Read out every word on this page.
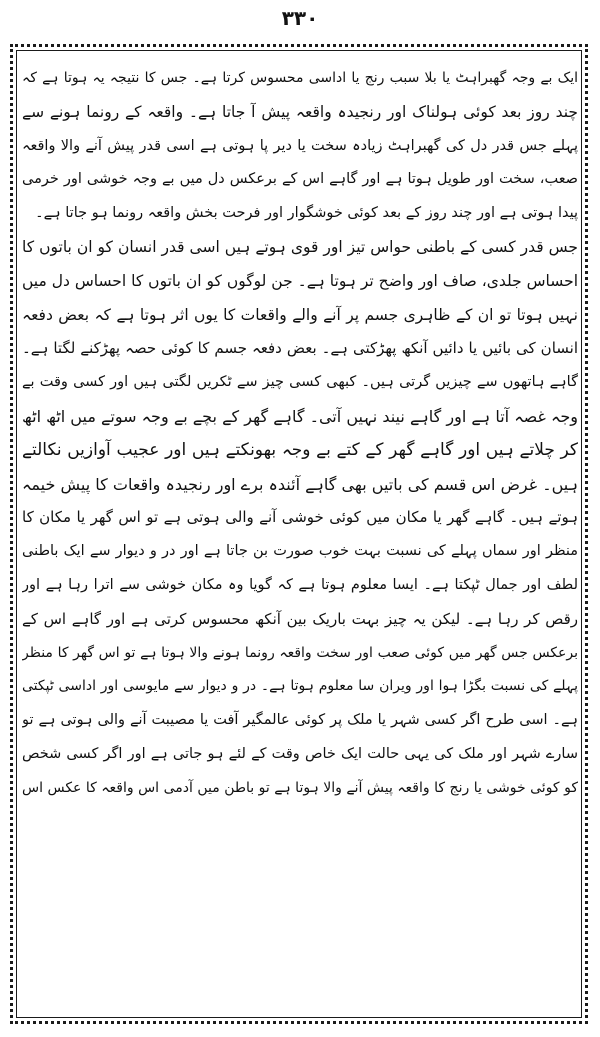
۳۳۰
ایک بے وجہ گھبراہٹ یا بلا سبب رنج یا اداسی محسوس کرتا ہے۔ جس کا نتیجہ یہ ہوتا ہے کہ
چند روز بعد کوئی ہولناک اور رنجیدہ واقعہ پیش آ جاتا ہے۔ واقعہ کے رونما ہونے سے
پہلے جس قدر دل کی گھبراہٹ زیادہ سخت یا دیر پا ہوتی ہے اسی قدر پیش آنے والا واقعہ
صعب، سخت اور طویل ہوتا ہے اور گاہے اس کے برعکس دل میں بے وجہ خوشی اور خرمی
پیدا ہوتی ہے اور چند روز کے بعد کوئی خوشگوار اور فرحت بخش واقعہ رونما ہو جاتا ہے۔
جس قدر کسی کے باطنی حواس تیز اور قوی ہوتے ہیں اسی قدر انسان کو ان باتوں کا
احساس جلدی، صاف اور واضح تر ہوتا ہے۔ جن لوگوں کو ان باتوں کا احساس دل میں
نہیں ہوتا تو ان کے ظاہری جسم پر آنے والے واقعات کا یوں اثر ہوتا ہے کہ بعض دفعہ
انسان کی بائیں یا دائیں آنکھ پھڑکتی ہے۔ بعض دفعہ جسم کا کوئی حصہ پھڑکنے لگتا ہے۔
گاہے ہاتھوں سے چیزیں گرتی ہیں۔ کبھی کسی چیز سے ٹکریں لگتی ہیں اور کسی وقت بے
وجہ غصہ آتا ہے اور گاہے نیند نہیں آتی۔ گاہے گھر کے بچے بے وجہ سوتے میں اٹھ اٹھ
کر چلاتے ہیں اور گاہے گھر کے کتے بے وجہ بھونکتے ہیں اور عجیب آوازیں نکالتے
ہیں۔ غرض اس قسم کی باتیں بھی گاہے آئندہ برے اور رنجیدہ واقعات کا پیش خیمہ
ہوتے ہیں۔ گاہے گھر یا مکان میں کوئی خوشی آنے والی ہوتی ہے تو اس گھر یا مکان کا
منظر اور سماں پہلے کی نسبت بہت خوب صورت بن جاتا ہے اور در و دیوار سے ایک باطنی
لطف اور جمال ٹپکتا ہے۔ ایسا معلوم ہوتا ہے کہ گویا وہ مکان خوشی سے اترا رہا ہے اور
رقص کر رہا ہے۔ لیکن یہ چیز بہت باریک بین آنکھ محسوس کرتی ہے اور گاہے اس کے
برعکس جس گھر میں کوئی صعب اور سخت واقعہ رونما ہونے والا ہوتا ہے تو اس گھر کا منظر
پہلے کی نسبت بگڑا ہوا اور ویران سا معلوم ہوتا ہے۔ در و دیوار سے مایوسی اور اداسی ٹپکتی
ہے۔ اسی طرح اگر کسی شہر یا ملک پر کوئی عالمگیر آفت یا مصیبت آنے والی ہوتی ہے تو
سارے شہر اور ملک کی یہی حالت ایک خاص وقت کے لئے ہو جاتی ہے اور اگر کسی شخص
کو کوئی خوشی یا رنج کا واقعہ پیش آنے والا ہوتا ہے تو باطن میں آدمی اس واقعہ کا عکس اس
